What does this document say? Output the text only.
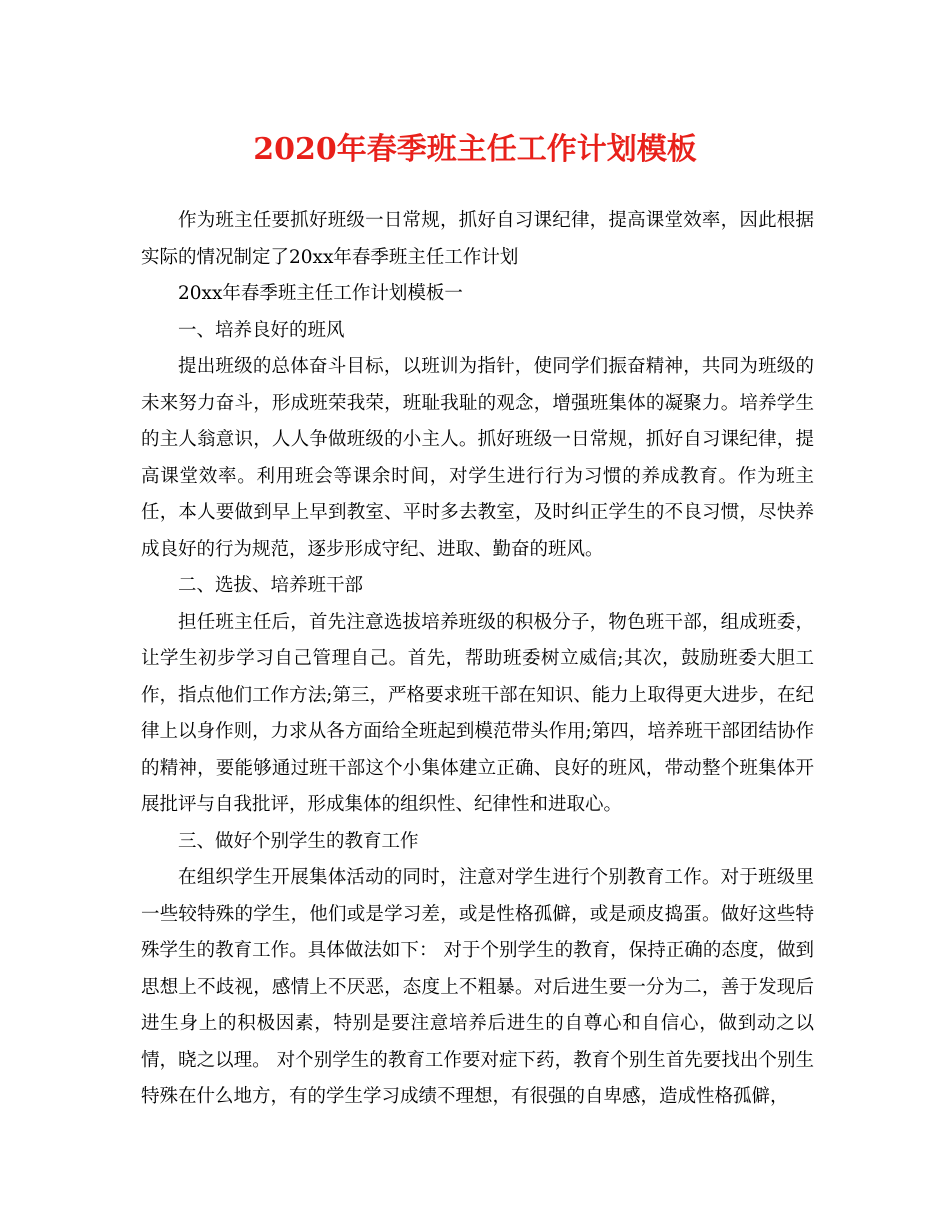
2020年春季班主任工作计划模板

作为班主任要抓好班级一日常规，抓好自习课纪律，提高课堂效率，因此根据实际的情况制定了20xx年春季班主任工作计划

20xx年春季班主任工作计划模板一

一、培养良好的班风

提出班级的总体奋斗目标，以班训为指针，使同学们振奋精神，共同为班级的未来努力奋斗，形成班荣我荣，班耻我耻的观念，增强班集体的凝聚力。培养学生的主人翁意识，人人争做班级的小主人。抓好班级一日常规，抓好自习课纪律，提高课堂效率。利用班会等课余时间，对学生进行行为习惯的养成教育。作为班主任，本人要做到早上早到教室、平时多去教室，及时纠正学生的不良习惯，尽快养成良好的行为规范，逐步形成守纪、进取、勤奋的班风。

二、选拔、培养班干部

担任班主任后，首先注意选拔培养班级的积极分子，物色班干部，组成班委，让学生初步学习自己管理自己。首先，帮助班委树立威信;其次，鼓励班委大胆工作，指点他们工作方法;第三，严格要求班干部在知识、能力上取得更大进步，在纪律上以身作则，力求从各方面给全班起到模范带头作用;第四，培养班干部团结协作的精神，要能够通过班干部这个小集体建立正确、良好的班风，带动整个班集体开展批评与自我批评，形成集体的组织性、纪律性和进取心。

三、做好个别学生的教育工作

在组织学生开展集体活动的同时，注意对学生进行个别教育工作。对于班级里一些较特殊的学生，他们或是学习差，或是性格孤僻，或是顽皮捣蛋。做好这些特殊学生的教育工作。具体做法如下： 对于个别学生的教育，保持正确的态度，做到思想上不歧视，感情上不厌恶，态度上不粗暴。对后进生要一分为二，善于发现后进生身上的积极因素，特别是要注意培养后进生的自尊心和自信心，做到动之以情，晓之以理。 对个别学生的教育工作要对症下药，教育个别生首先要找出个别生特殊在什么地方，有的学生学习成绩不理想，有很强的自卑感，造成性格孤僻，
